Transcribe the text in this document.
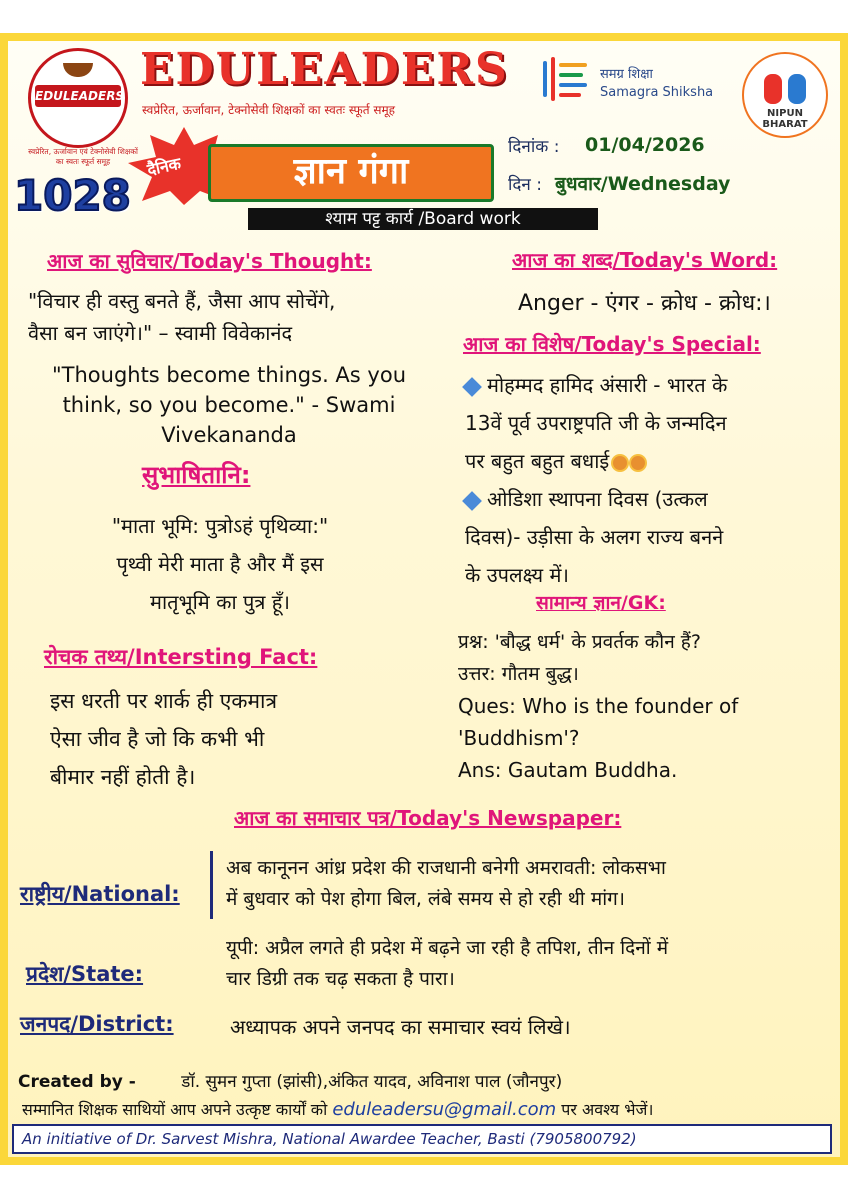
EDULEADERS
स्वप्रेरित, ऊर्जावान एवं टेक्नोसेवी शिक्षकों का स्वतः स्फूर्त समूह
EDULEADERS
स्वप्रेरित, ऊर्जावान, टेक्नोसेवी शिक्षकों का स्वतः स्फूर्त समूह
दैनिक
1028	ज्ञान गंगा
श्याम पट्ट कार्य /Board work
समग्र शिक्षा
Samagra Shiksha
NIPUN BHARAT
दिनांक : 01/04/2026
दिन : बुधवार/Wednesday
आज का सुविचार/Today's Thought:
"विचार ही वस्तु बनते हैं, जैसा आप सोचेंगे,
वैसा बन जाएंगे।" – स्वामी विवेकानंद
"Thoughts become things. As you
think, so you become." - Swami
Vivekananda
सुभाषितानि:
"माता भूमि: पुत्रोऽहं पृथिव्या:"
पृथ्वी मेरी माता है और मैं इस
मातृभूमि का पुत्र हूँ।
रोचक तथ्य/Intersting Fact:
इस धरती पर शार्क ही एकमात्र
ऐसा जीव है जो कि कभी भी
बीमार नहीं होती है।
आज का शब्द/Today's Word:
Anger - एंगर - क्रोध - क्रोध:।
आज का विशेष/Today's Special:
मोहम्मद हामिद अंसारी - भारत के
13वें पूर्व उपराष्ट्रपति जी के जन्मदिन
पर बहुत बहुत बधाई
ओडिशा स्थापना दिवस (उत्कल
दिवस)- उड़ीसा के अलग राज्य बनने
के उपलक्ष्य में।
सामान्य ज्ञान/GK:
प्रश्न: 'बौद्ध धर्म' के प्रवर्तक कौन हैं?
उत्तर: गौतम बुद्ध।
Ques: Who is the founder of
'Buddhism'?
Ans: Gautam Buddha.
आज का समाचार पत्र/Today's Newspaper:
राष्ट्रीय/National:
अब कानूनन आंध्र प्रदेश की राजधानी बनेगी अमरावती: लोकसभा
में बुधवार को पेश होगा बिल, लंबे समय से हो रही थी मांग।
प्रदेश/State:
यूपी: अप्रैल लगते ही प्रदेश में बढ़ने जा रही है तपिश, तीन दिनों में
चार डिग्री तक चढ़ सकता है पारा।
जनपद/District:	अध्यापक अपने जनपद का समाचार स्वयं लिखे।
Created by -	डॉ. सुमन गुप्ता (झांसी),अंकित यादव, अविनाश पाल (जौनपुर)
सम्मानित शिक्षक साथियों आप अपने उत्कृष्ट कार्यों को eduleadersu@gmail.com पर अवश्य भेजें।
An initiative of Dr. Sarvest Mishra, National Awardee Teacher, Basti (7905800792)
